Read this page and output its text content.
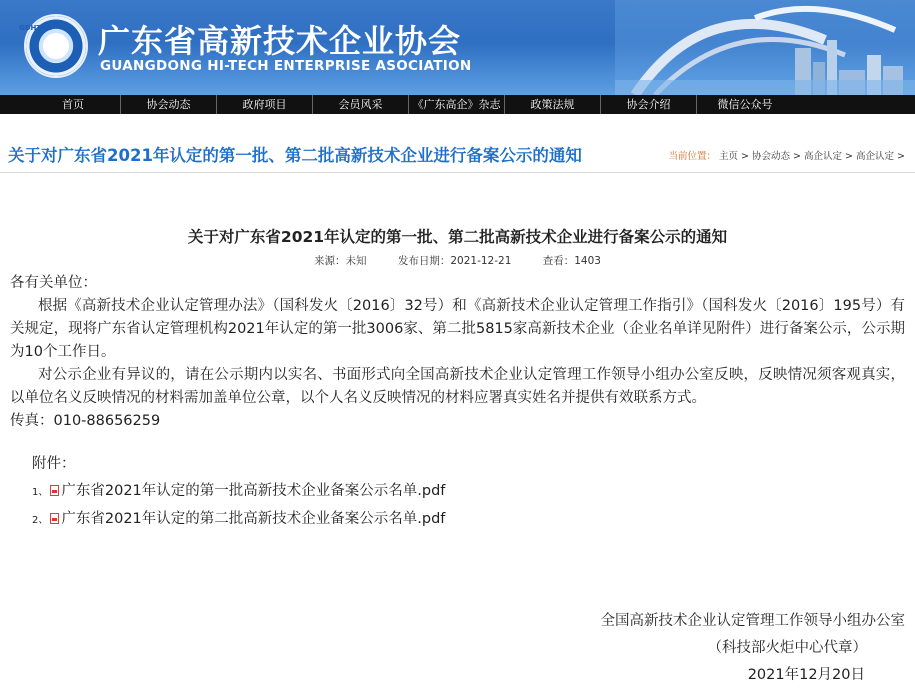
GDHTEA 广东省高新技术企业协会
GUANGDONG HI-TECH ENTERPRISE ASOCIATION
首页	协会动态	政府项目	会员风采	《广东高企》杂志	政策法规	协会介绍	微信公众号
关于对广东省2021年认定的第一批、第二批高新技术企业进行备案公示的通知	当前位置： 主页 > 协会动态 > 高企认定 > 高企认定 >
关于对广东省2021年认定的第一批、第二批高新技术企业进行备案公示的通知
来源：未知	发布日期：2021-12-21	查看：1403

各有关单位：

根据《高新技术企业认定管理办法》（国科发火〔2016〕32号）和《高新技术企业认定管理工作指引》（国科发火〔2016〕195号）有关规定，现将广东省认定管理机构2021年认定的第一批3006家、第二批5815家高新技术企业（企业名单详见附件）进行备案公示，公示期为10个工作日。

对公示企业有异议的，请在公示期内以实名、书面形式向全国高新技术企业认定管理工作领导小组办公室反映，反映情况须客观真实，以单位名义反映情况的材料需加盖单位公章，以个人名义反映情况的材料应署真实姓名并提供有效联系方式。

传真：010-88656259

附件：
1、 广东省2021年认定的第一批高新技术企业备案公示名单.pdf
2、 广东省2021年认定的第二批高新技术企业备案公示名单.pdf
全国高新技术企业认定管理工作领导小组办公室
（科技部火炬中心代章）
2021年12月20日
